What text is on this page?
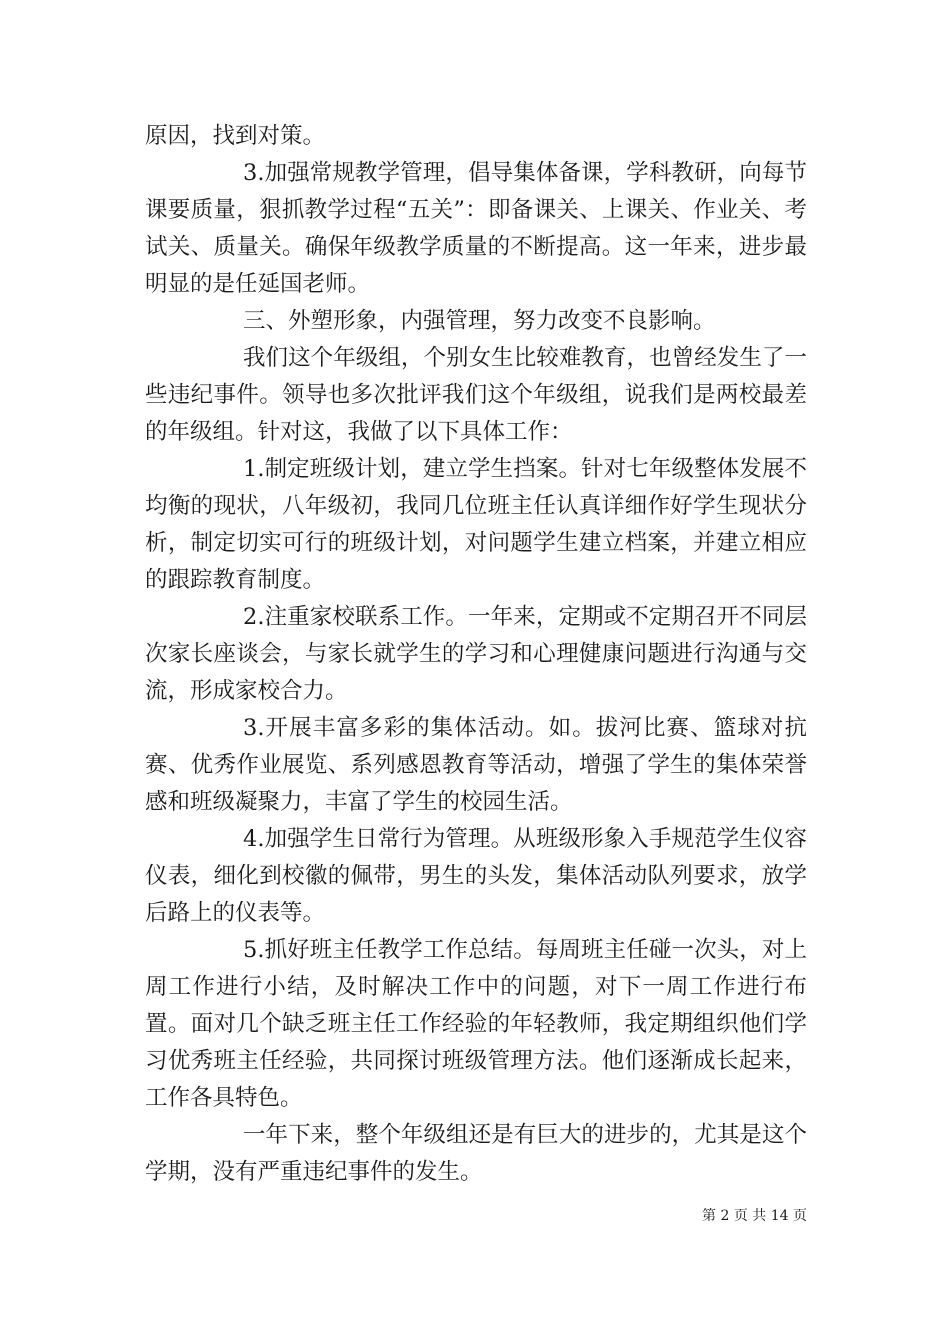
原因，找到对策。

3.加强常规教学管理，倡导集体备课，学科教研，向每节课要质量，狠抓教学过程“五关”：即备课关、上课关、作业关、考试关、质量关。确保年级教学质量的不断提高。这一年来，进步最明显的是任延国老师。

三、外塑形象，内强管理，努力改变不良影响。

我们这个年级组，个别女生比较难教育，也曾经发生了一些违纪事件。领导也多次批评我们这个年级组，说我们是两校最差的年级组。针对这，我做了以下具体工作：

1.制定班级计划，建立学生挡案。针对七年级整体发展不均衡的现状，八年级初，我同几位班主任认真详细作好学生现状分析，制定切实可行的班级计划，对问题学生建立档案，并建立相应的跟踪教育制度。

2.注重家校联系工作。一年来，定期或不定期召开不同层次家长座谈会，与家长就学生的学习和心理健康问题进行沟通与交流，形成家校合力。

3.开展丰富多彩的集体活动。如。拔河比赛、篮球对抗赛、优秀作业展览、系列感恩教育等活动，增强了学生的集体荣誉感和班级凝聚力，丰富了学生的校园生活。

4.加强学生日常行为管理。从班级形象入手规范学生仪容仪表，细化到校徽的佩带，男生的头发，集体活动队列要求，放学后路上的仪表等。

5.抓好班主任教学工作总结。每周班主任碰一次头，对上周工作进行小结，及时解决工作中的问题，对下一周工作进行布置。面对几个缺乏班主任工作经验的年轻教师，我定期组织他们学习优秀班主任经验，共同探讨班级管理方法。他们逐渐成长起来，工作各具特色。

一年下来，整个年级组还是有巨大的进步的，尤其是这个学期，没有严重违纪事件的发生。

第 2 页 共 14 页
